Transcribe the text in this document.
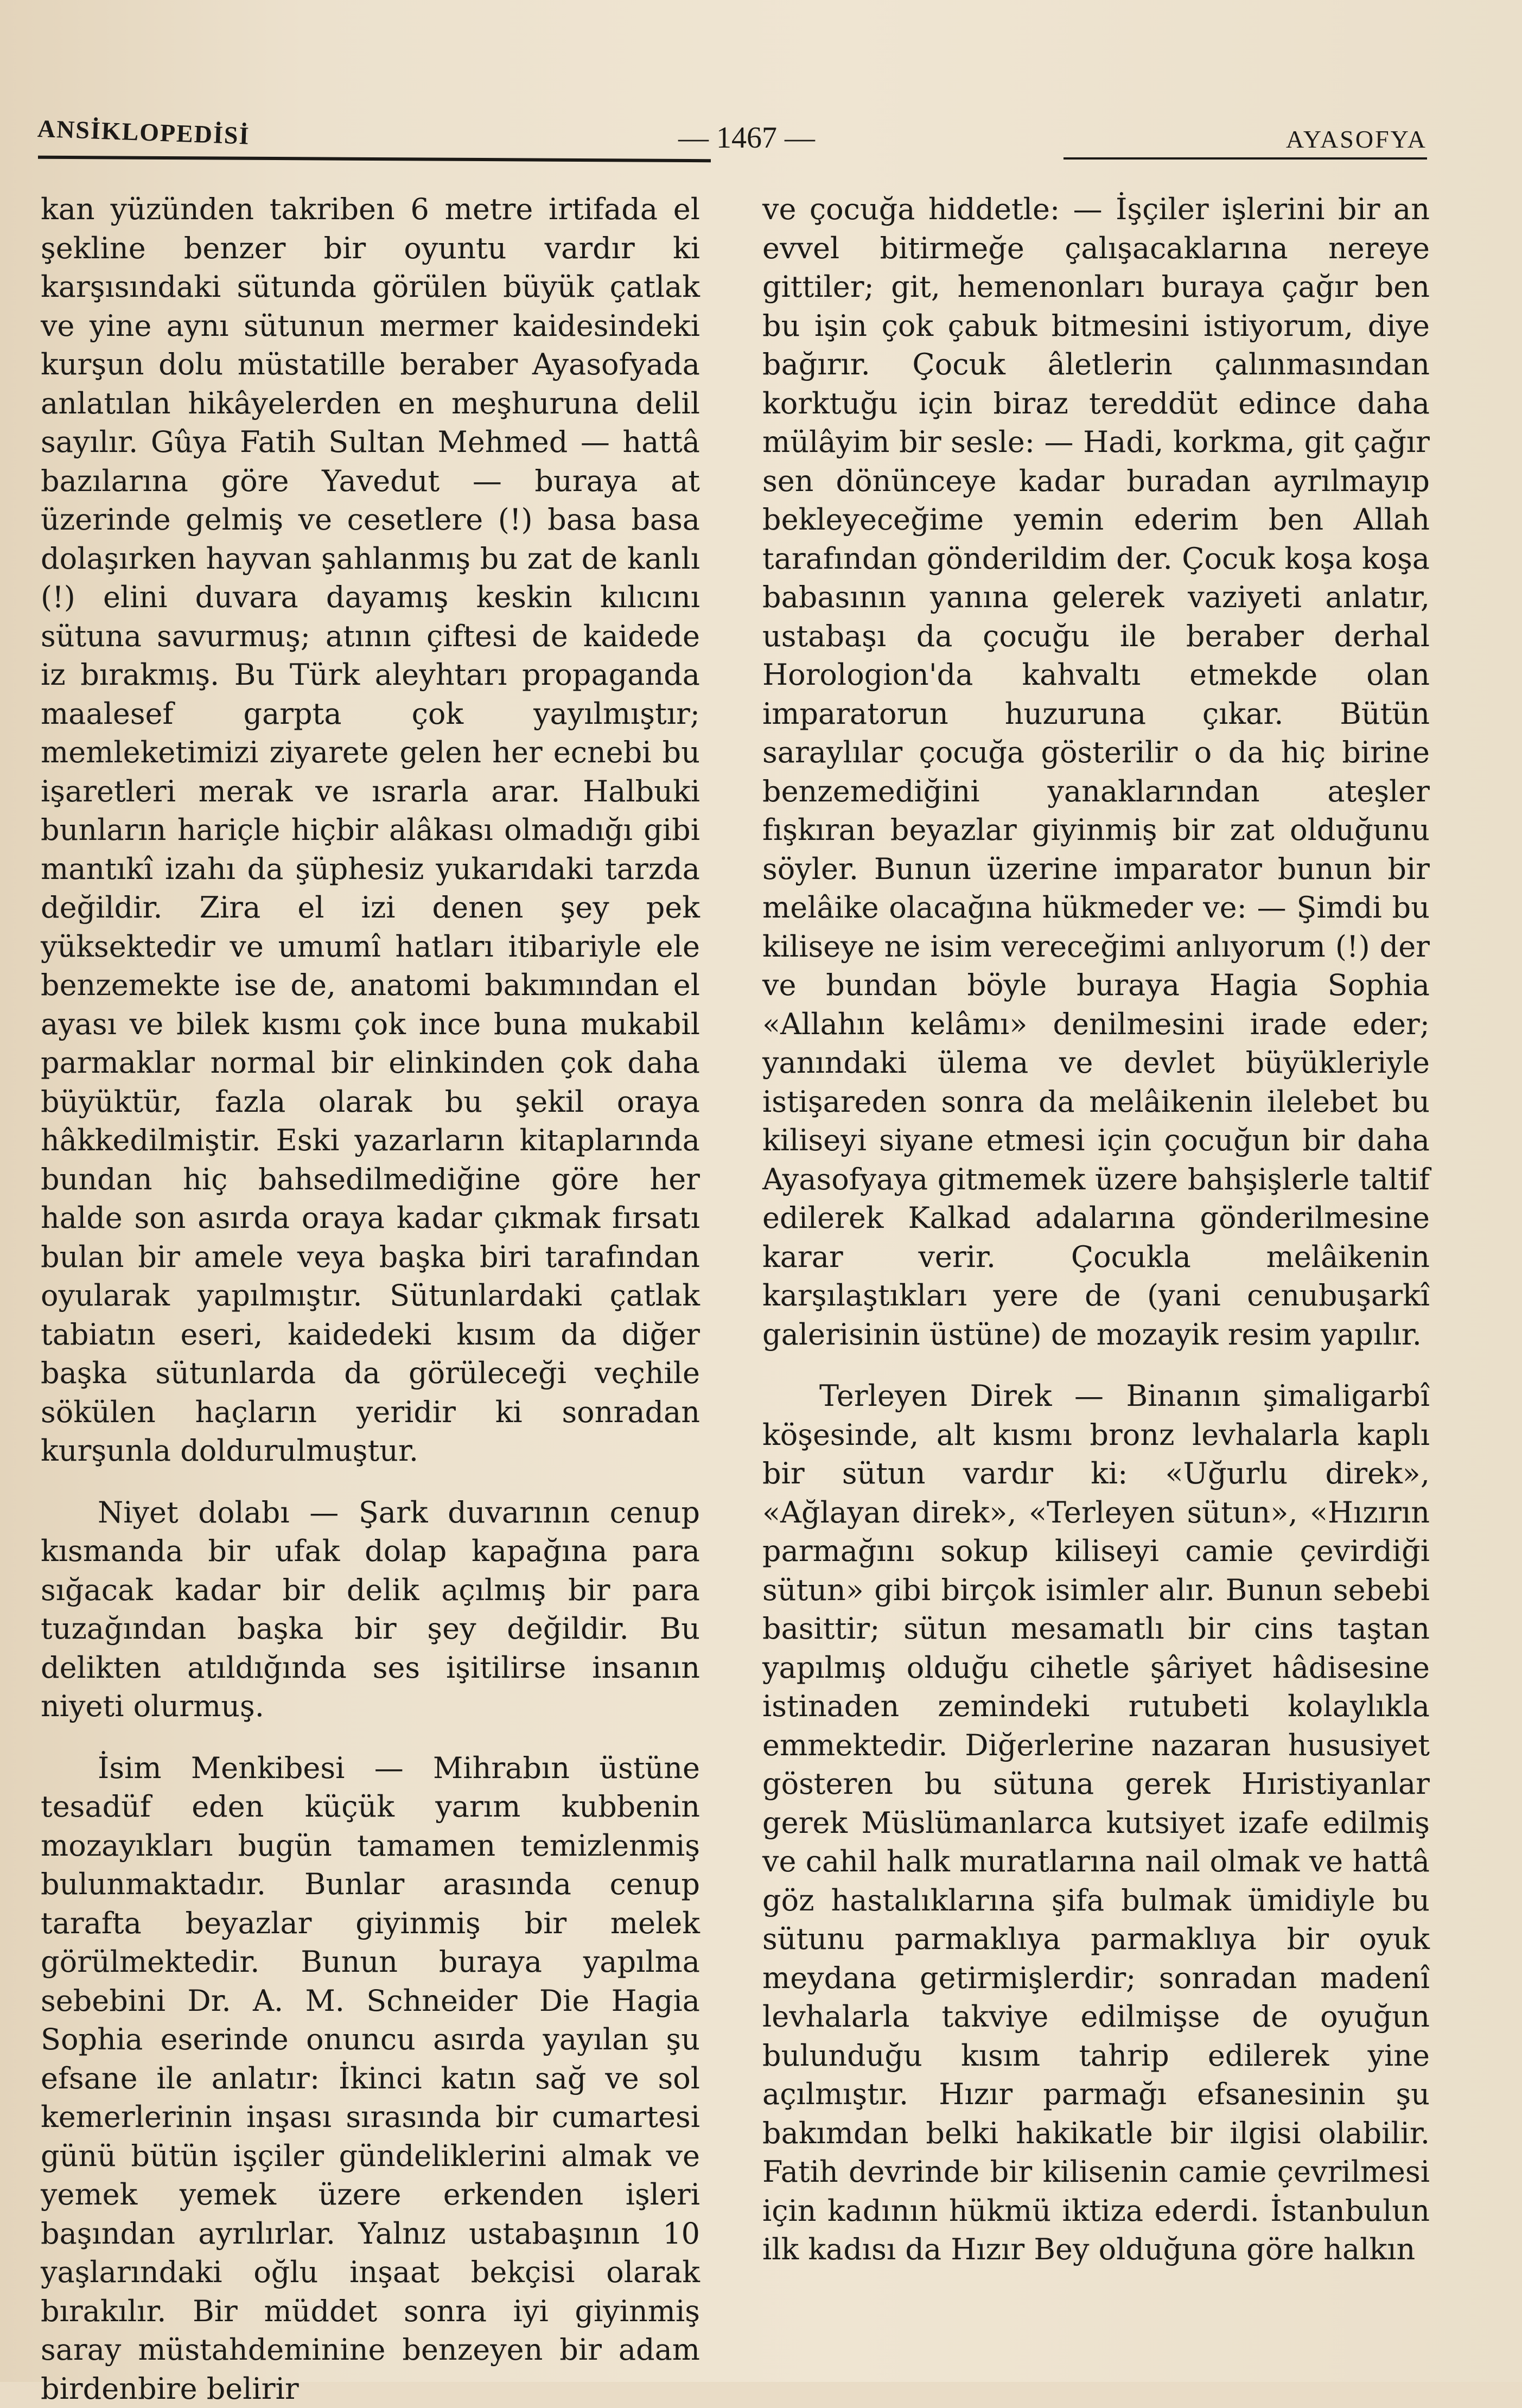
ANSİKLOPEDİSİ	— 1467 —	AYASOFYA

kan yüzünden takriben 6 metre irtifada el şekline benzer bir oyuntu vardır ki karşısındaki sütunda görülen büyük çatlak ve yine aynı sütunun mermer kaidesindeki kurşun dolu müstatille beraber Ayasofyada anlatılan hikâyelerden en meşhuruna delil sayılır. Gûya Fatih Sultan Mehmed — hattâ bazılarına göre Yavedut — buraya at üzerinde gelmiş ve cesetlere (!) basa basa dolaşırken hayvan şahlanmış bu zat de kanlı (!) elini duvara dayamış keskin kılıcını sütuna savurmuş; atının çiftesi de kaidede iz bırakmış. Bu Türk aleyhtarı propaganda maalesef garpta çok yayılmıştır; memleketimizi ziyarete gelen her ecnebi bu işaretleri merak ve ısrarla arar. Halbuki bunların hariçle hiçbir alâkası olmadığı gibi mantıkî izahı da şüphesiz yukarıdaki tarzda değildir. Zira el izi denen şey pek yüksektedir ve umumî hatları itibariyle ele benzemekte ise de, anatomi bakımından el ayası ve bilek kısmı çok ince buna mukabil parmaklar normal bir elinkinden çok daha büyüktür, fazla olarak bu şekil oraya hâkkedilmiştir. Eski yazarların kitaplarında bundan hiç bahsedilmediğine göre her halde son asırda oraya kadar çıkmak fırsatı bulan bir amele veya başka biri tarafından oyularak yapılmıştır. Sütunlardaki çatlak tabiatın eseri, kaidedeki kısım da diğer başka sütunlarda da görüleceği veçhile sökülen haçların yeridir ki sonradan kurşunla doldurulmuştur.

Niyet dolabı — Şark duvarının cenup kısmanda bir ufak dolap kapağına para sığacak kadar bir delik açılmış bir para tuzağından başka bir şey değildir. Bu delikten atıldığında ses işitilirse insanın niyeti olurmuş.

İsim Menkibesi — Mihrabın üstüne tesadüf eden küçük yarım kubbenin mozayıkları bugün tamamen temizlenmiş bulunmaktadır. Bunlar arasında cenup tarafta beyazlar giyinmiş bir melek görülmektedir. Bunun buraya yapılma sebebini Dr. A. M. Schneider Die Hagia Sophia eserinde onuncu asırda yayılan şu efsane ile anlatır: İkinci katın sağ ve sol kemerlerinin inşası sırasında bir cumartesi günü bütün işçiler gündeliklerini almak ve yemek yemek üzere erkenden işleri başından ayrılırlar. Yalnız ustabaşının 10 yaşlarındaki oğlu inşaat bekçisi olarak bırakılır. Bir müddet sonra iyi giyinmiş saray müstahdeminine benzeyen bir adam birdenbire belirir

ve çocuğa hiddetle: — İşçiler işlerini bir an evvel bitirmeğe çalışacaklarına nereye gittiler; git, hemenonları buraya çağır ben bu işin çok çabuk bitmesini istiyorum, diye bağırır. Çocuk âletlerin çalınmasından korktuğu için biraz tereddüt edince daha mülâyim bir sesle: — Hadi, korkma, git çağır sen dönünceye kadar buradan ayrılmayıp bekleyeceğime yemin ederim ben Allah tarafından gönderildim der. Çocuk koşa koşa babasının yanına gelerek vaziyeti anlatır, ustabaşı da çocuğu ile beraber derhal Horologion'da kahvaltı etmekde olan imparatorun huzuruna çıkar. Bütün saraylılar çocuğa gösterilir o da hiç birine benzemediğini yanaklarından ateşler fışkıran beyazlar giyinmiş bir zat olduğunu söyler. Bunun üzerine imparator bunun bir melâike olacağına hükmeder ve: — Şimdi bu kiliseye ne isim vereceğimi anlıyorum (!) der ve bundan böyle buraya Hagia Sophia «Allahın kelâmı» denilmesini irade eder; yanındaki ülema ve devlet büyükleriyle istişareden sonra da melâikenin ilelebet bu kiliseyi siyane etmesi için çocuğun bir daha Ayasofyaya gitmemek üzere bahşişlerle taltif edilerek Kalkad adalarına gönderilmesine karar verir. Çocukla melâikenin karşılaştıkları yere de (yani cenubuşarkî galerisinin üstüne) de mozayik resim yapılır.

Terleyen Direk — Binanın şimaligarbî köşesinde, alt kısmı bronz levhalarla kaplı bir sütun vardır ki: «Uğurlu direk», «Ağlayan direk», «Terleyen sütun», «Hızırın parmağını sokup kiliseyi camie çevirdiği sütun» gibi birçok isimler alır. Bunun sebebi basittir; sütun mesamatlı bir cins taştan yapılmış olduğu cihetle şâriyet hâdisesine istinaden zemindeki rutubeti kolaylıkla emmektedir. Diğerlerine nazaran hususiyet gösteren bu sütuna gerek Hıristiyanlar gerek Müslümanlarca kutsiyet izafe edilmiş ve cahil halk muratlarına nail olmak ve hattâ göz hastalıklarına şifa bulmak ümidiyle bu sütunu parmaklıya parmaklıya bir oyuk meydana getirmişlerdir; sonradan madenî levhalarla takviye edilmişse de oyuğun bulunduğu kısım tahrip edilerek yine açılmıştır. Hızır parmağı efsanesinin şu bakımdan belki hakikatle bir ilgisi olabilir. Fatih devrinde bir kilisenin camie çevrilmesi için kadının hükmü iktiza ederdi. İstanbulun ilk kadısı da Hızır Bey olduğuna göre halkın
